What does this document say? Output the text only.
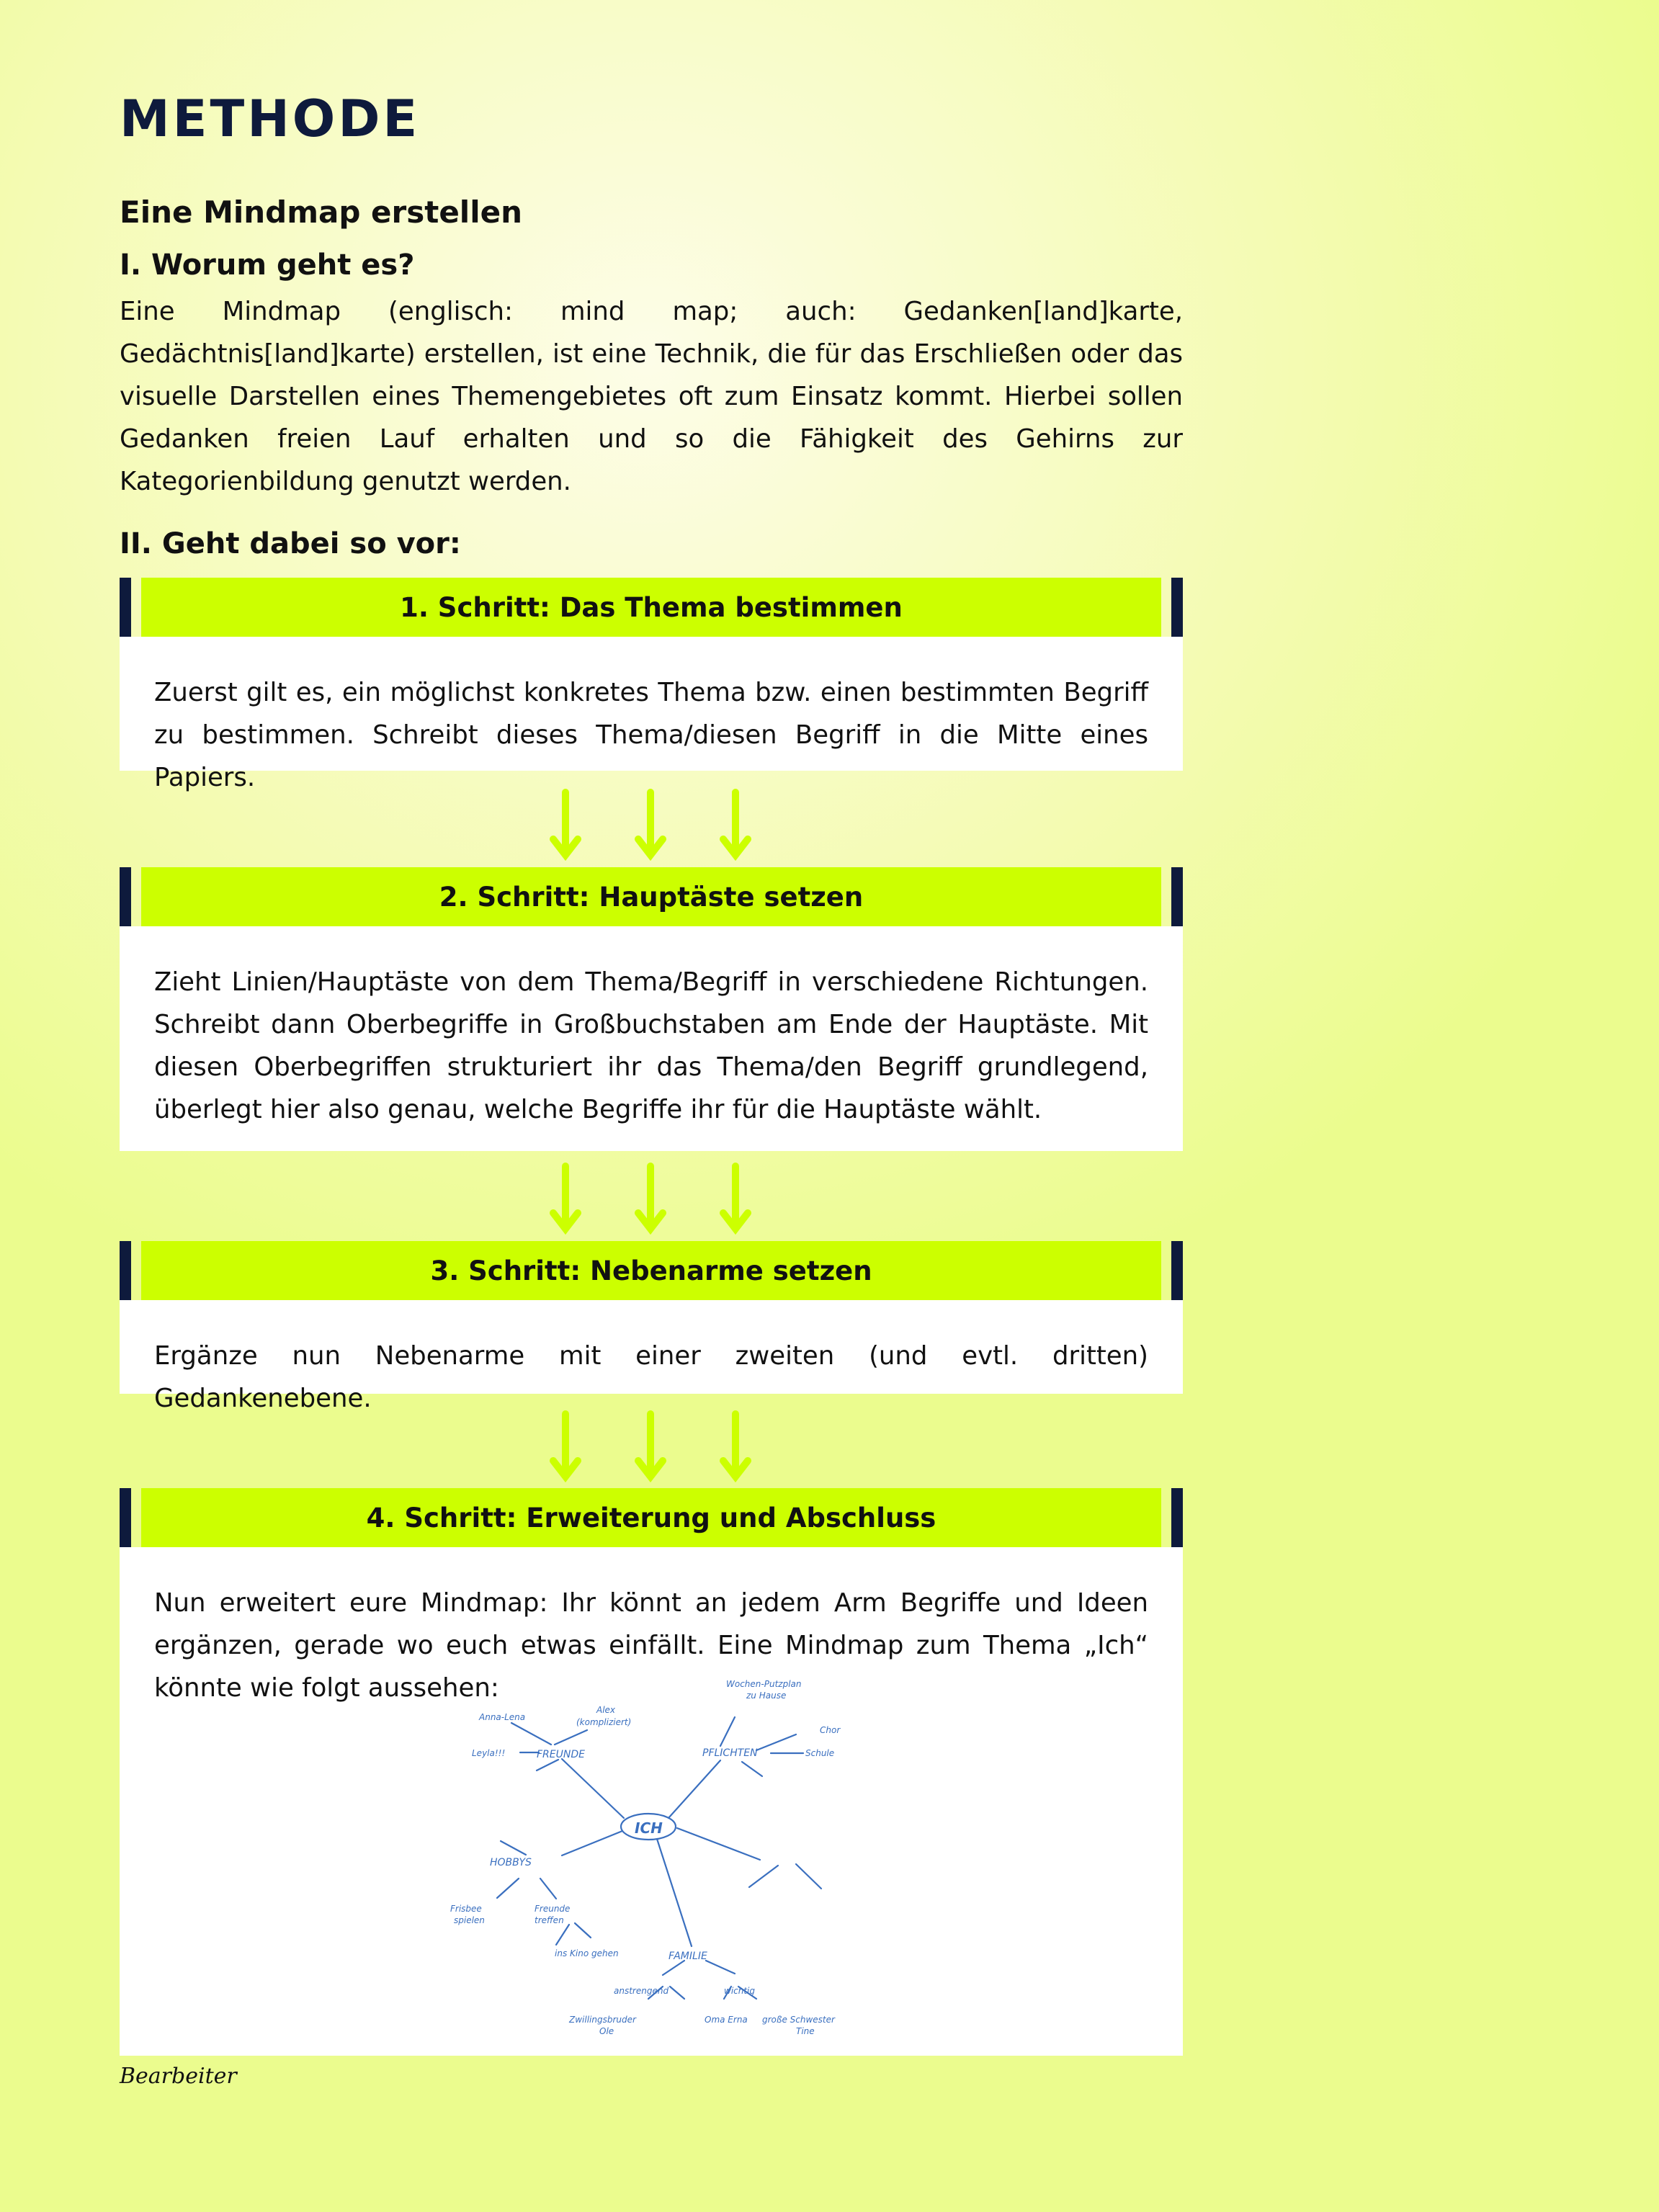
METHODE
Eine Mindmap erstellen
I. Worum geht es?
Eine Mindmap (englisch: mind map; auch: Gedanken[land]karte, Gedächtnis[land]karte) erstellen, ist eine Technik, die für das Erschließen oder das visuelle Darstellen eines Themengebietes oft zum Einsatz kommt. Hierbei sollen Gedanken freien Lauf erhalten und so die Fähigkeit des Gehirns zur Kategorienbildung genutzt werden.
II. Geht dabei so vor:
1. Schritt: Das Thema bestimmen
Zuerst gilt es, ein möglichst konkretes Thema bzw. einen bestimmten Begriff zu bestimmen. Schreibt dieses Thema/diesen Begriff in die Mitte eines Papiers.
2. Schritt: Hauptäste setzen
Zieht Linien/Hauptäste von dem Thema/Begriff in verschiedene Richtungen. Schreibt dann Oberbegriffe in Großbuchstaben am Ende der Hauptäste. Mit diesen Oberbegriffen strukturiert ihr das Thema/den Begriff grundlegend, überlegt hier also genau, welche Begriffe ihr für die Hauptäste wählt.
3. Schritt: Nebenarme setzen
Ergänze nun Nebenarme mit einer zweiten (und evtl. dritten) Gedankenebene.
4. Schritt: Erweiterung und Abschluss
Nun erweitert eure Mindmap: Ihr könnt an jedem Arm Begriffe und Ideen ergänzen, gerade wo euch etwas einfällt. Eine Mindmap zum Thema „Ich“ könnte wie folgt aussehen:
ICH
FREUNDE
Anna-Lena
Alex
(kompliziert)
Leyla!!!	PFLICHTEN
Wochen-Putzplan
zu Hause
Chor
Schule
HOBBYS
Frisbee
spielen
Freunde
treffen
ins Kino gehen	FAMILIE
anstrengend	wichtig
Zwillingsbruder
Ole
Oma Erna große Schwester
Tine
Bearbeiter
